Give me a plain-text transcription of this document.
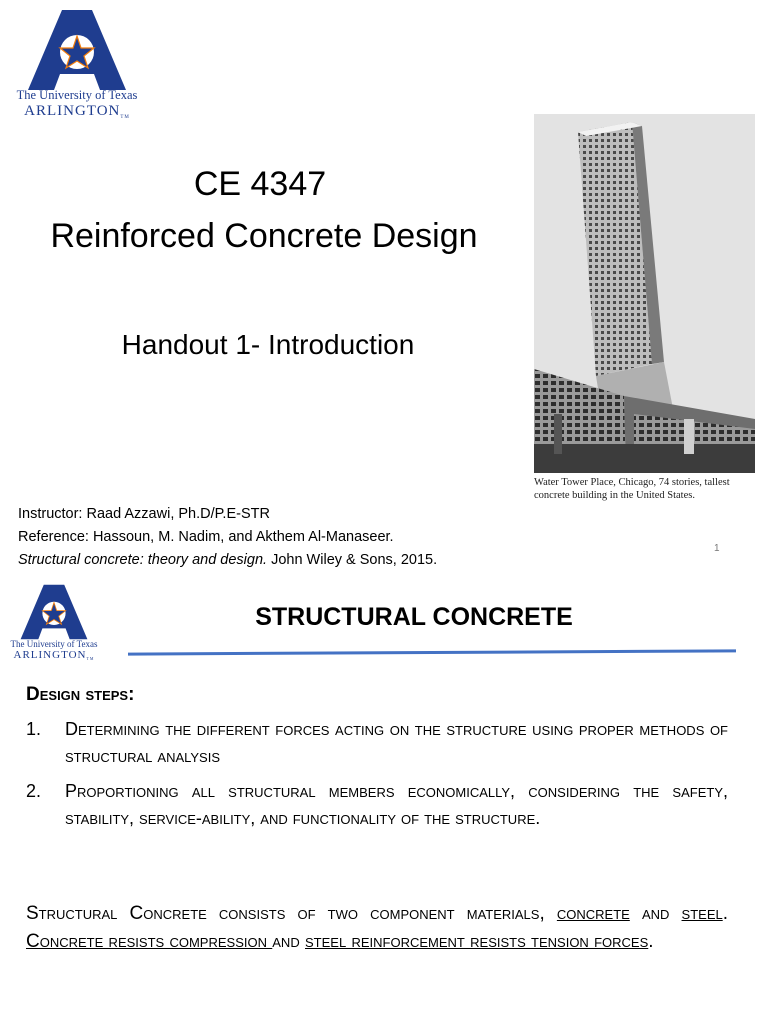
The University of Texas
ARLINGTONTM
CE 4347
Reinforced Concrete Design
Handout 1- Introduction
Water Tower Place, Chicago, 74 stories, tallest concrete building in the United States.
Instructor: Raad Azzawi, Ph.D/P.E-STR
Reference: Hassoun, M. Nadim, and Akthem Al-Manaseer.
Structural concrete: theory and design. John Wiley & Sons, 2015.
1
The University of Texas
ARLINGTONTM
STRUCTURAL CONCRETE
Design steps:
1. Determining the different forces acting on the structure using proper methods of structural analysis
2. Proportioning all structural members economically, considering the safety, stability, service-ability, and functionality of the structure.
Structural Concrete consists of two component materials, concrete and steel. Concrete resists compression and steel reinforcement resists tension forces.
